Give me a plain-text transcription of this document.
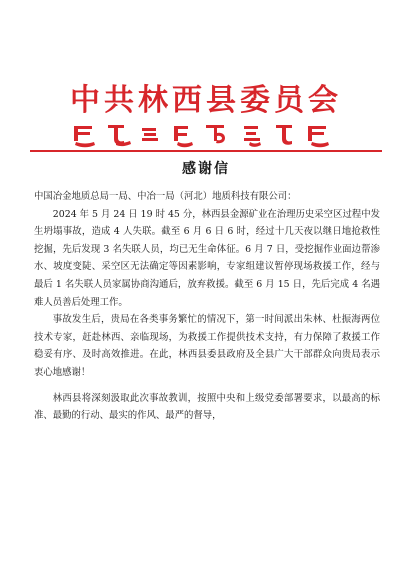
中共林西县委员会
感谢信

中国冶金地质总局一局、中冶一局（河北）地质科技有限公司：

2024 年 5 月 24 日 19 时 45 分，林西县金源矿业在治理历史采空区过程中发生坍塌事故，造成 4 人失联。截至 6 月 6 日 6 时，经过十几天夜以继日地抢救性挖掘，先后发现 3 名失联人员，均已无生命体征。6 月 7 日，受挖掘作业面边帮渗水、坡度变陡、采空区无法确定等因素影响，专家组建议暂停现场救援工作，经与最后 1 名失联人员家属协商沟通后，放弃救援。截至 6 月 15 日，先后完成 4 名遇难人员善后处理工作。

事故发生后，贵局在各类事务繁忙的情况下，第一时间派出朱林、杜振海两位技术专家，赶赴林西、亲临现场，为救援工作提供技术支持，有力保障了救援工作稳妥有序、及时高效推进。在此，林西县委县政府及全县广大干部群众向贵局表示衷心地感谢！

林西县将深刻汲取此次事故教训，按照中央和上级党委部署要求，以最高的标准、最勤的行动、最实的作风、最严的督导，
